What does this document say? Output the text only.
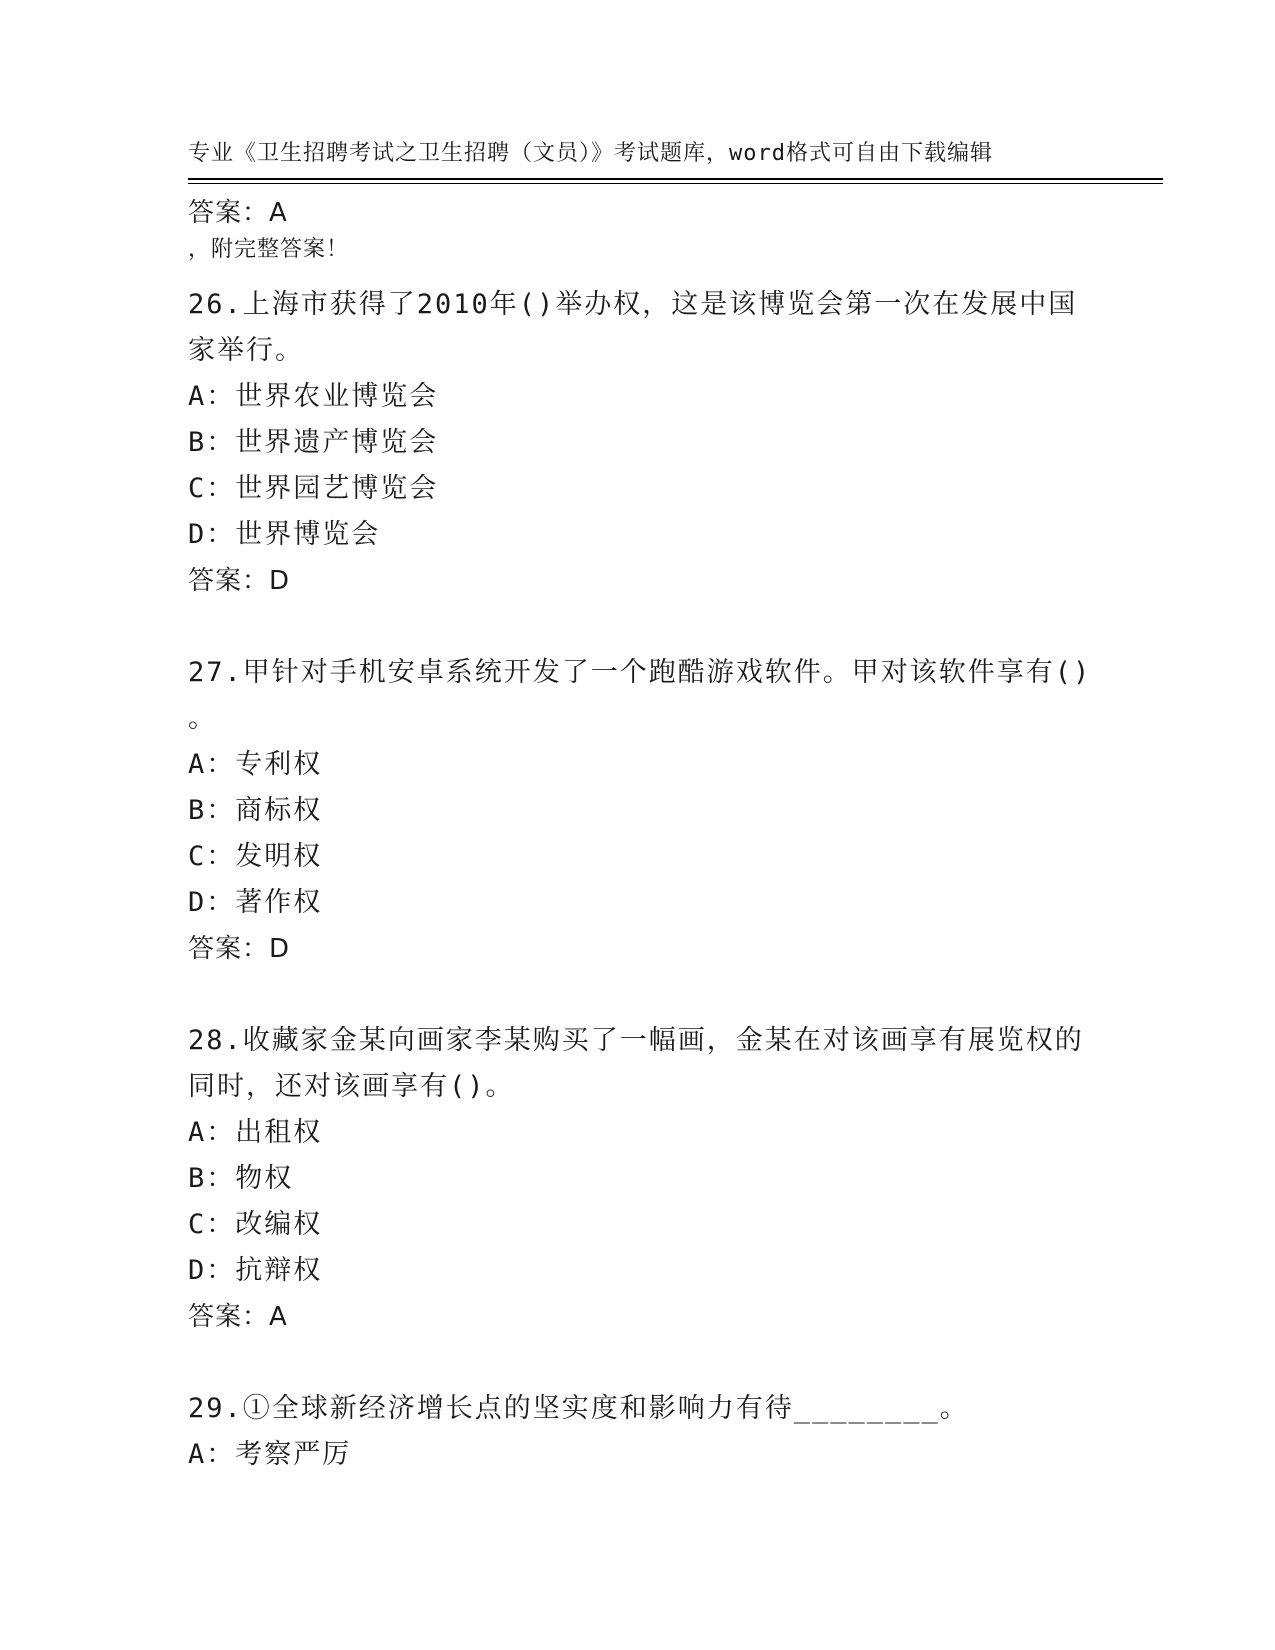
专业《卫生招聘考试之卫生招聘（文员）》考试题库，word格式可自由下载编辑

，附完整答案！

答案：A
26.上海市获得了2010年()举办权，这是该博览会第一次在发展中国
家举行。
A：世界农业博览会
B：世界遗产博览会
C：世界园艺博览会
D：世界博览会
答案：D
27.甲针对手机安卓系统开发了一个跑酷游戏软件。甲对该软件享有()
。
A：专利权
B：商标权
C：发明权
D：著作权
答案：D
28.收藏家金某向画家李某购买了一幅画，金某在对该画享有展览权的
同时，还对该画享有()。
A：出租权
B：物权
C：改编权
D：抗辩权
答案：A
29.①全球新经济增长点的坚实度和影响力有待________。
A：考察严厉
